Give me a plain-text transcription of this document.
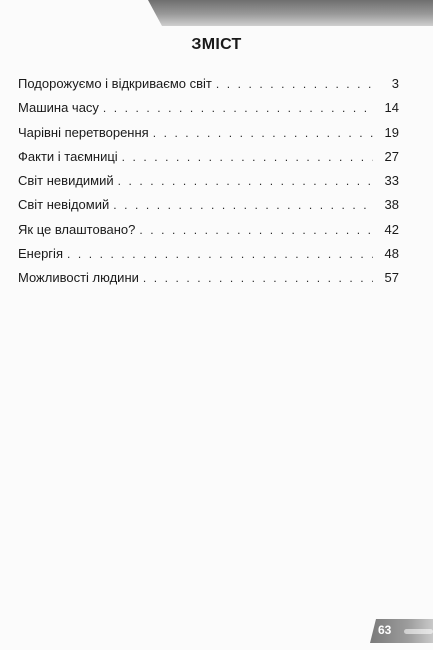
ЗМІСТ
Подорожуємо і відкриваємо світ . . .	3
Машина часу . . .	14
Чарівні перетворення . . .	19
Факти і таємниці . . .	27
Світ невидимий . . .	33
Світ невідомий . . .	38
Як це влаштовано? . . .	42
Енергія . . .	48
Можливості людини . . .	57
63
